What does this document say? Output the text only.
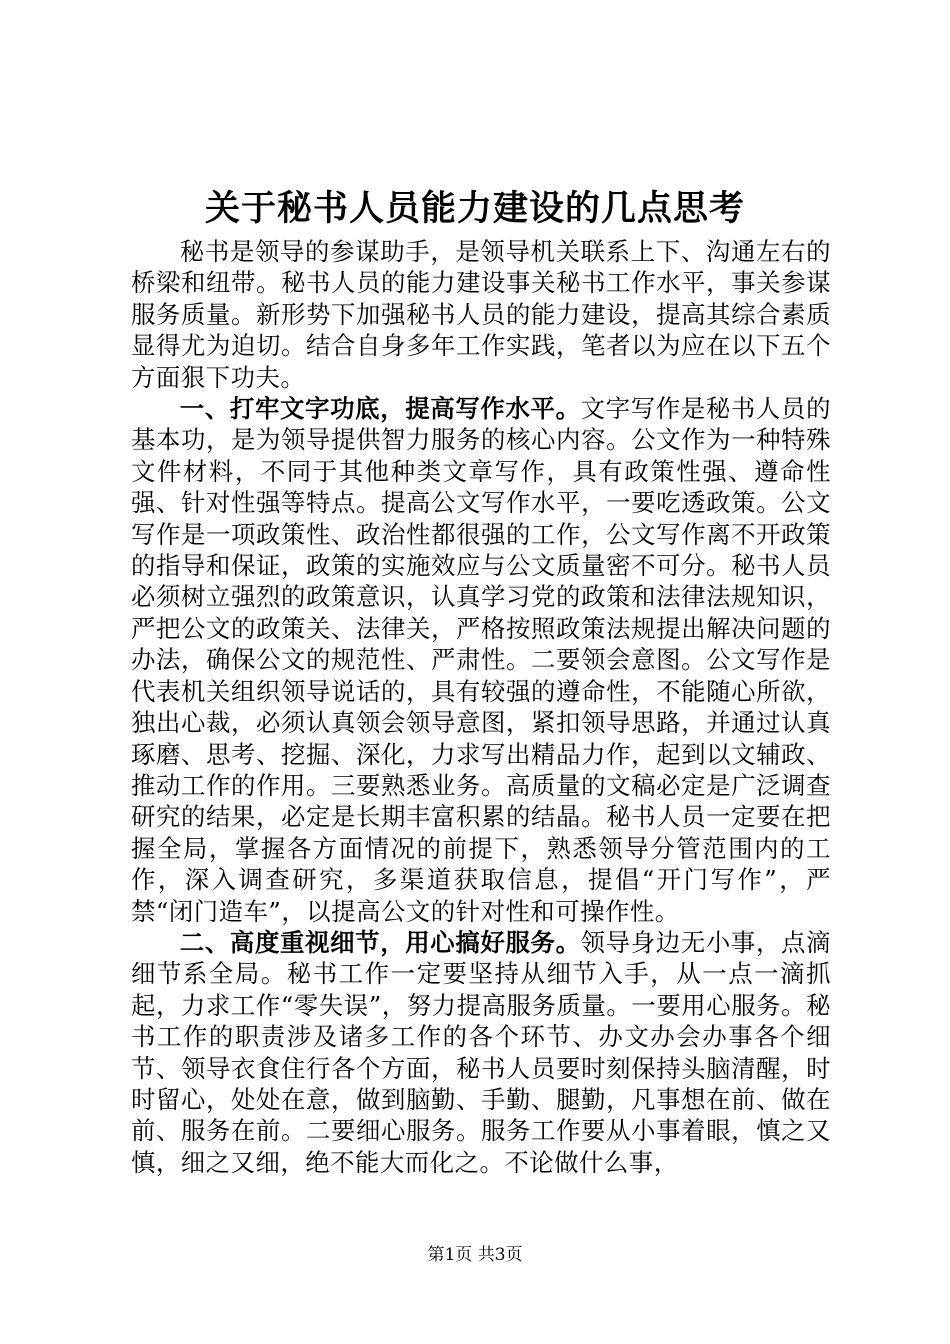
关于秘书人员能力建设的几点思考

秘书是领导的参谋助手，是领导机关联系上下、沟通左右的桥梁和纽带。秘书人员的能力建设事关秘书工作水平，事关参谋服务质量。新形势下加强秘书人员的能力建设，提高其综合素质显得尤为迫切。结合自身多年工作实践，笔者以为应在以下五个方面狠下功夫。

一、打牢文字功底，提高写作水平。文字写作是秘书人员的基本功，是为领导提供智力服务的核心内容。公文作为一种特殊文件材料，不同于其他种类文章写作，具有政策性强、遵命性强、针对性强等特点。提高公文写作水平，一要吃透政策。公文写作是一项政策性、政治性都很强的工作，公文写作离不开政策的指导和保证，政策的实施效应与公文质量密不可分。秘书人员必须树立强烈的政策意识，认真学习党的政策和法律法规知识，严把公文的政策关、法律关，严格按照政策法规提出解决问题的办法，确保公文的规范性、严肃性。二要领会意图。公文写作是代表机关组织领导说话的，具有较强的遵命性，不能随心所欲，独出心裁，必须认真领会领导意图，紧扣领导思路，并通过认真琢磨、思考、挖掘、深化，力求写出精品力作，起到以文辅政、推动工作的作用。三要熟悉业务。高质量的文稿必定是广泛调查研究的结果，必定是长期丰富积累的结晶。秘书人员一定要在把握全局，掌握各方面情况的前提下，熟悉领导分管范围内的工作，深入调查研究，多渠道获取信息，提倡“开门写作”，严禁“闭门造车”，以提高公文的针对性和可操作性。

二、高度重视细节，用心搞好服务。领导身边无小事，点滴细节系全局。秘书工作一定要坚持从细节入手，从一点一滴抓起，力求工作“零失误”，努力提高服务质量。一要用心服务。秘书工作的职责涉及诸多工作的各个环节、办文办会办事各个细节、领导衣食住行各个方面，秘书人员要时刻保持头脑清醒，时时留心，处处在意，做到脑勤、手勤、腿勤，凡事想在前、做在前、服务在前。二要细心服务。服务工作要从小事着眼，慎之又慎，细之又细，绝不能大而化之。不论做什么事，

第1页 共3页
